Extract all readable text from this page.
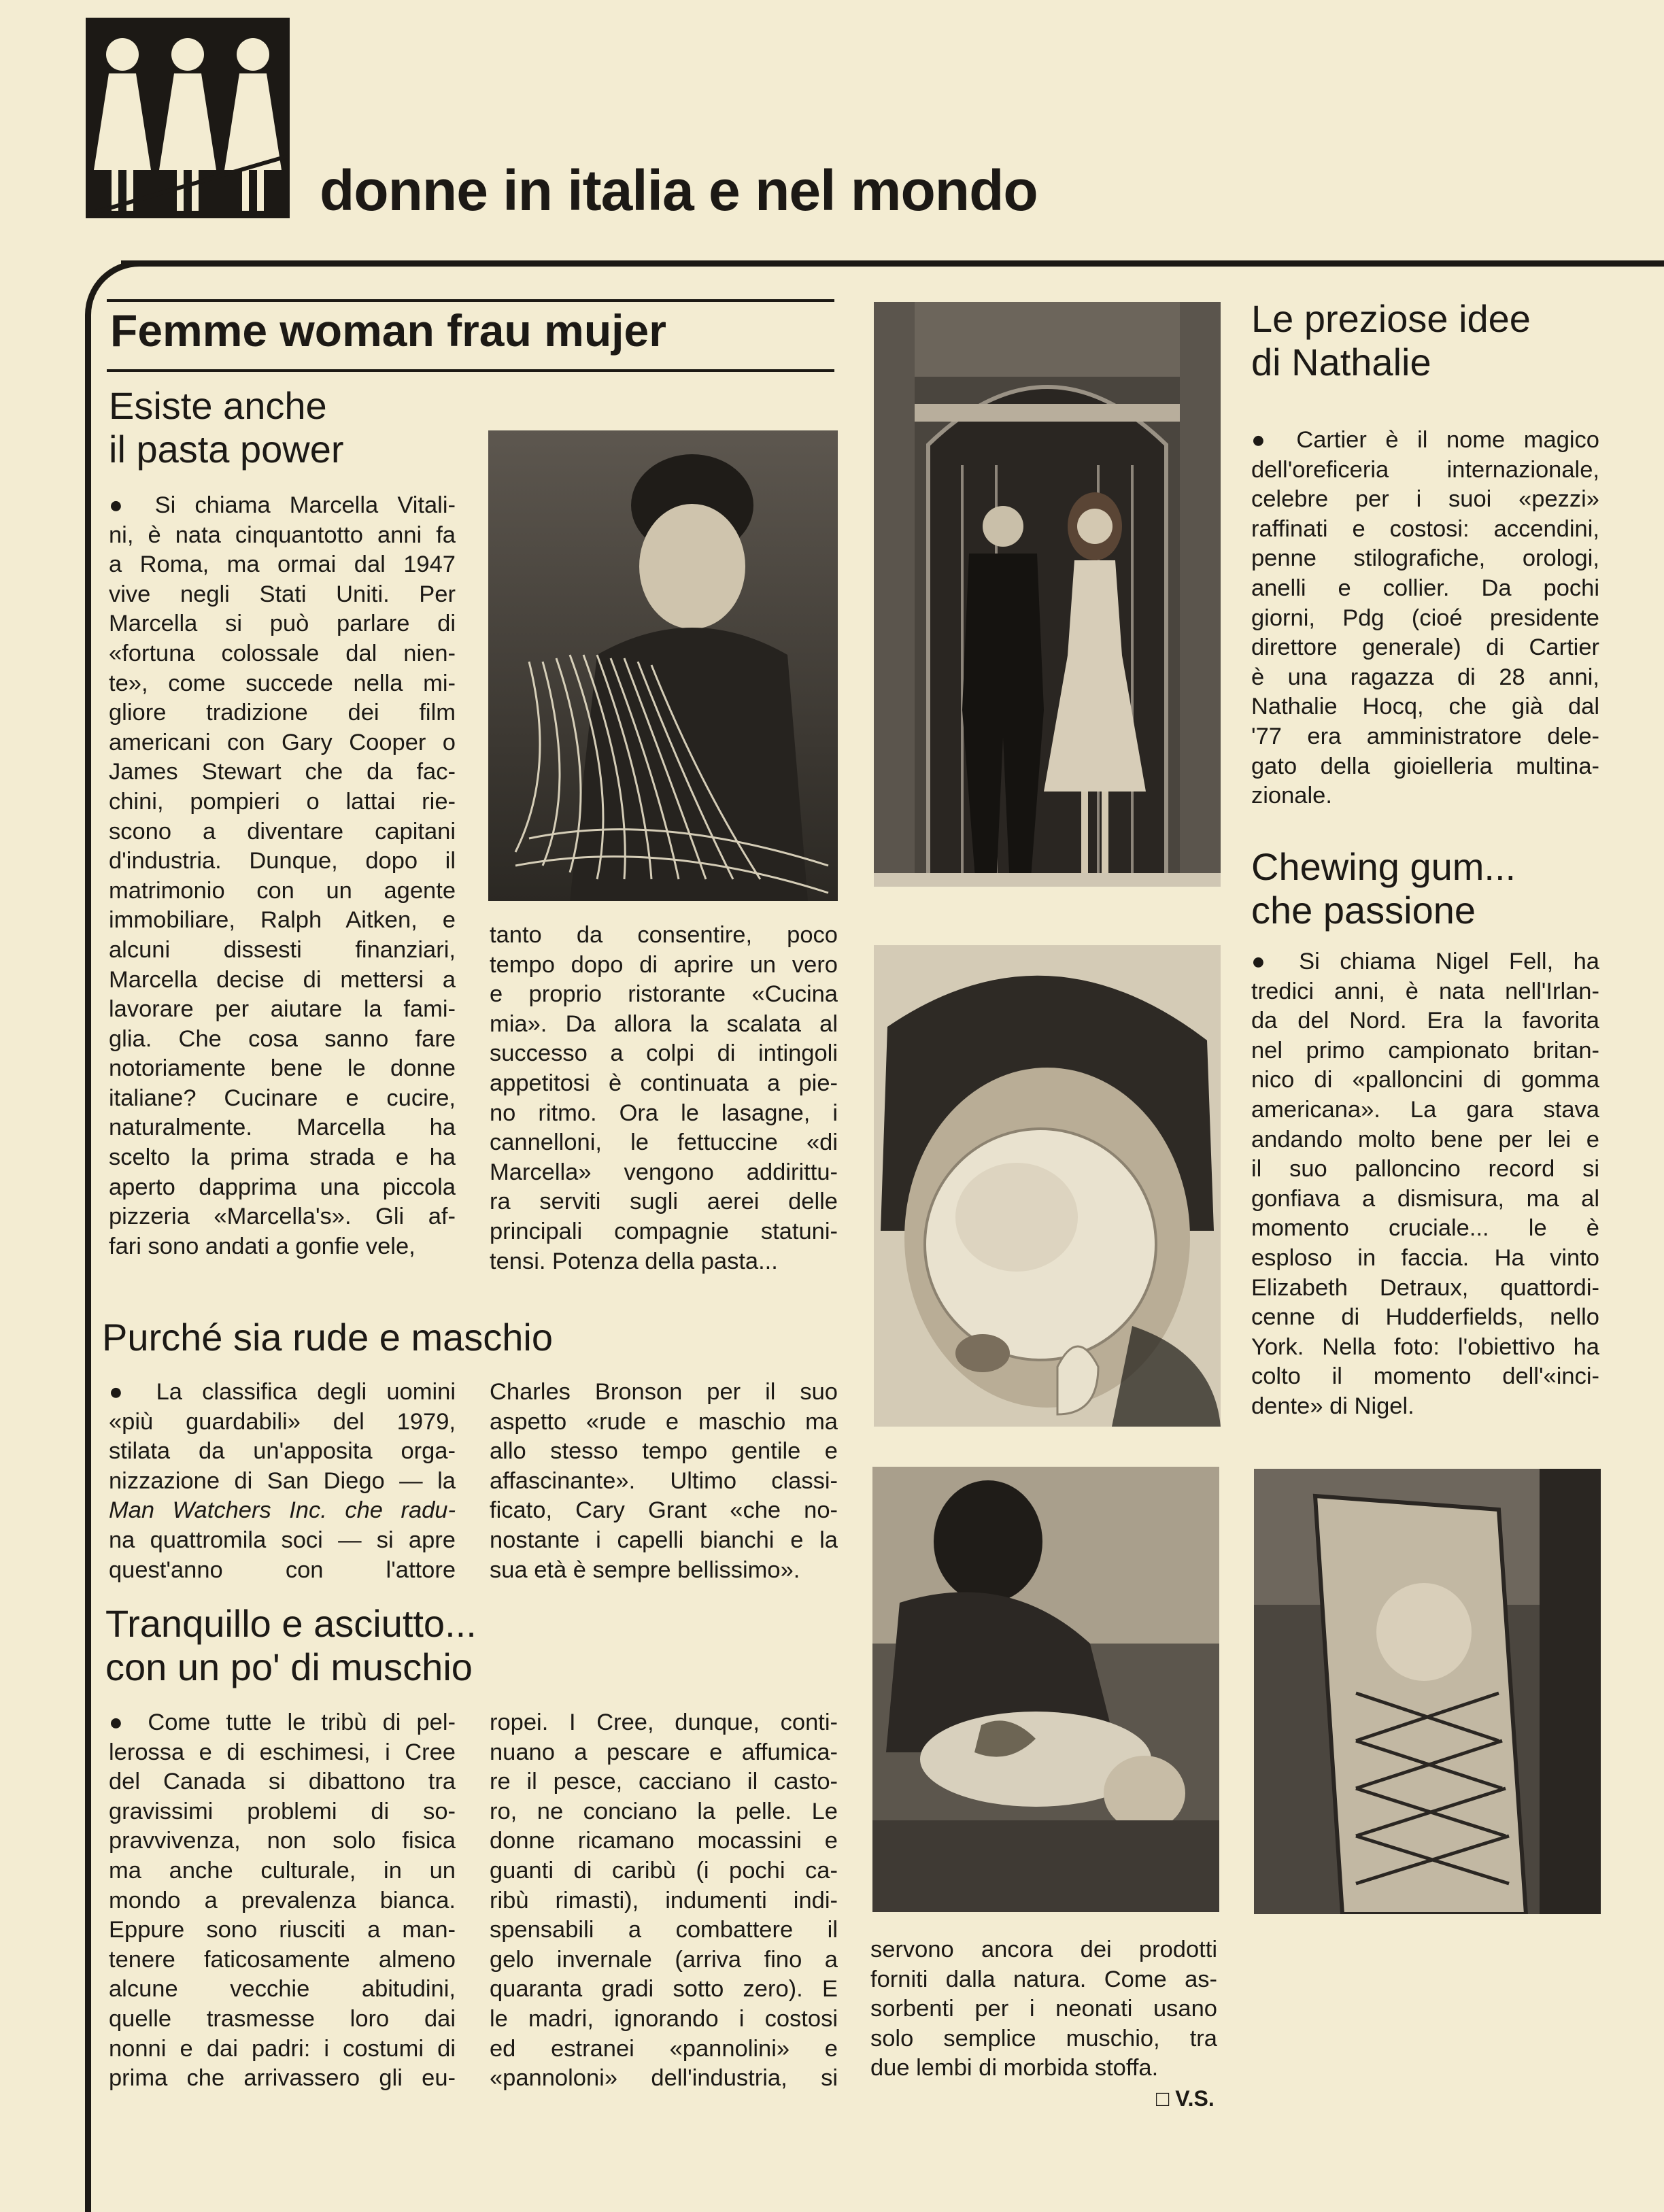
donne in italia e nel mondo
Femme woman frau mujer
Esiste anche
il pasta power
● Si chiama Marcella Vitali-
ni, è nata cinquantotto anni fa
a Roma, ma ormai dal 1947
vive negli Stati Uniti. Per
Marcella si può parlare di
«fortuna colossale dal nien-
te», come succede nella mi-
gliore tradizione dei film
americani con Gary Cooper o
James Stewart che da fac-
chini, pompieri o lattai rie-
scono a diventare capitani
d'industria. Dunque, dopo il
matrimonio con un agente
immobiliare, Ralph Aitken, e
alcuni dissesti finanziari,
Marcella decise di mettersi a
lavorare per aiutare la fami-
glia. Che cosa sanno fare
notoriamente bene le donne
italiane? Cucinare e cucire,
naturalmente. Marcella ha
scelto la prima strada e ha
aperto dapprima una piccola
pizzeria «Marcella's». Gli af-
fari sono andati a gonfie vele,
tanto da consentire, poco
tempo dopo di aprire un vero
e proprio ristorante «Cucina
mia». Da allora la scalata al
successo a colpi di intingoli
appetitosi è continuata a pie-
no ritmo. Ora le lasagne, i
cannelloni, le fettuccine «di
Marcella» vengono addirittu-
ra serviti sugli aerei delle
principali compagnie statuni-
tensi. Potenza della pasta...
Purché sia rude e maschio
● La classifica degli uomini
«più guardabili» del 1979,
stilata da un'apposita orga-
nizzazione di San Diego — la
Man Watchers Inc. che radu-
na quattromila soci — si apre
quest'anno con l'attore
Charles Bronson per il suo
aspetto «rude e maschio ma
allo stesso tempo gentile e
affascinante». Ultimo classi-
ficato, Cary Grant «che no-
nostante i capelli bianchi e la
sua età è sempre bellissimo».
Tranquillo e asciutto...
con un po' di muschio
● Come tutte le tribù di pel-
lerossa e di eschimesi, i Cree
del Canada si dibattono tra
gravissimi problemi di so-
pravvivenza, non solo fisica
ma anche culturale, in un
mondo a prevalenza bianca.
Eppure sono riusciti a man-
tenere faticosamente almeno
alcune vecchie abitudini,
quelle trasmesse loro dai
nonni e dai padri: i costumi di
prima che arrivassero gli eu-
ropei. I Cree, dunque, conti-
nuano a pescare e affumica-
re il pesce, cacciano il casto-
ro, ne conciano la pelle. Le
donne ricamano mocassini e
guanti di caribù (i pochi ca-
ribù rimasti), indumenti indi-
spensabili a combattere il
gelo invernale (arriva fino a
quaranta gradi sotto zero). E
le madri, ignorando i costosi
ed estranei «pannolini» e
«pannoloni» dell'industria, si
servono ancora dei prodotti
forniti dalla natura. Come as-
sorbenti per i neonati usano
solo semplice muschio, tra
due lembi di morbida stoffa.
□ V.S.
Le preziose idee
di Nathalie
● Cartier è il nome magico
dell'oreficeria internazionale,
celebre per i suoi «pezzi»
raffinati e costosi: accendini,
penne stilografiche, orologi,
anelli e collier. Da pochi
giorni, Pdg (cioé presidente
direttore generale) di Cartier
è una ragazza di 28 anni,
Nathalie Hocq, che già dal
'77 era amministratore dele-
gato della gioielleria multina-
zionale.
Chewing gum...
che passione
● Si chiama Nigel Fell, ha
tredici anni, è nata nell'Irlan-
da del Nord. Era la favorita
nel primo campionato britan-
nico di «palloncini di gomma
americana». La gara stava
andando molto bene per lei e
il suo palloncino record si
gonfiava a dismisura, ma al
momento cruciale... le è
esploso in faccia. Ha vinto
Elizabeth Detraux, quattordi-
cenne di Hudderfields, nello
York. Nella foto: l'obiettivo ha
colto il momento dell'«inci-
dente» di Nigel.
